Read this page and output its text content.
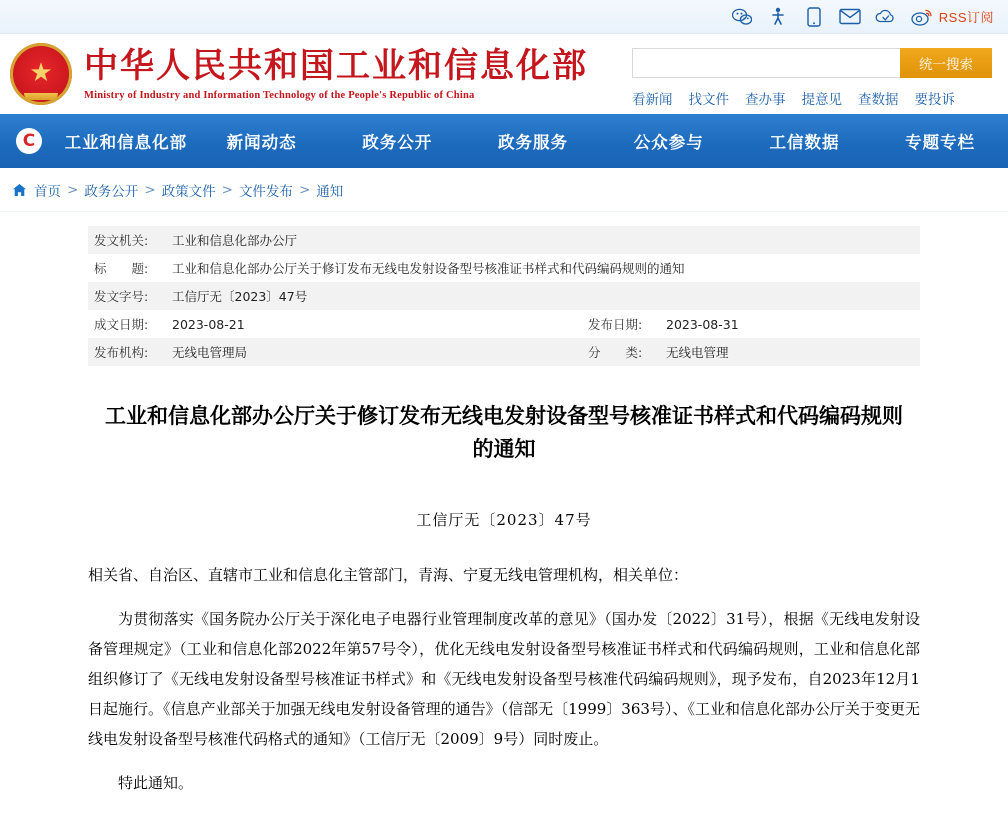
RSS订阅
★
中华人民共和国工业和信息化部
Ministry of Industry and Information Technology of the People's Republic of China
统一搜索
看新闻 找文件 查办事 提意见 查数据 要投诉
C	工业和信息化部	新闻动态	政务公开	政务服务	公众参与	工信数据	专题专栏
首页 > 政务公开 > 政策文件 > 文件发布 > 通知
发文机关:	工业和信息化部办公厅		
标　　题:	工业和信息化部办公厅关于修订发布无线电发射设备型号核准证书样式和代码编码规则的通知		
发文字号:	工信厅无〔2023〕47号		
成文日期:	2023-08-21	发布日期:	2023-08-31
发布机构:	无线电管理局	分　　类:	无线电管理
工业和信息化部办公厅关于修订发布无线电发射设备型号核准证书样式和代码编码规则的通知
工信厅无〔2023〕47号

相关省、自治区、直辖市工业和信息化主管部门，青海、宁夏无线电管理机构，相关单位：

为贯彻落实《国务院办公厅关于深化电子电器行业管理制度改革的意见》（国办发〔2022〕31号），根据《无线电发射设备管理规定》（工业和信息化部2022年第57号令），优化无线电发射设备型号核准证书样式和代码编码规则，工业和信息化部组织修订了《无线电发射设备型号核准证书样式》和《无线电发射设备型号核准代码编码规则》，现予发布，自2023年12月1日起施行。《信息产业部关于加强无线电发射设备管理的通告》（信部无〔1999〕363号）、《工业和信息化部办公厅关于变更无线电发射设备型号核准代码格式的通知》（工信厅无〔2009〕9号）同时废止。

特此通知。
